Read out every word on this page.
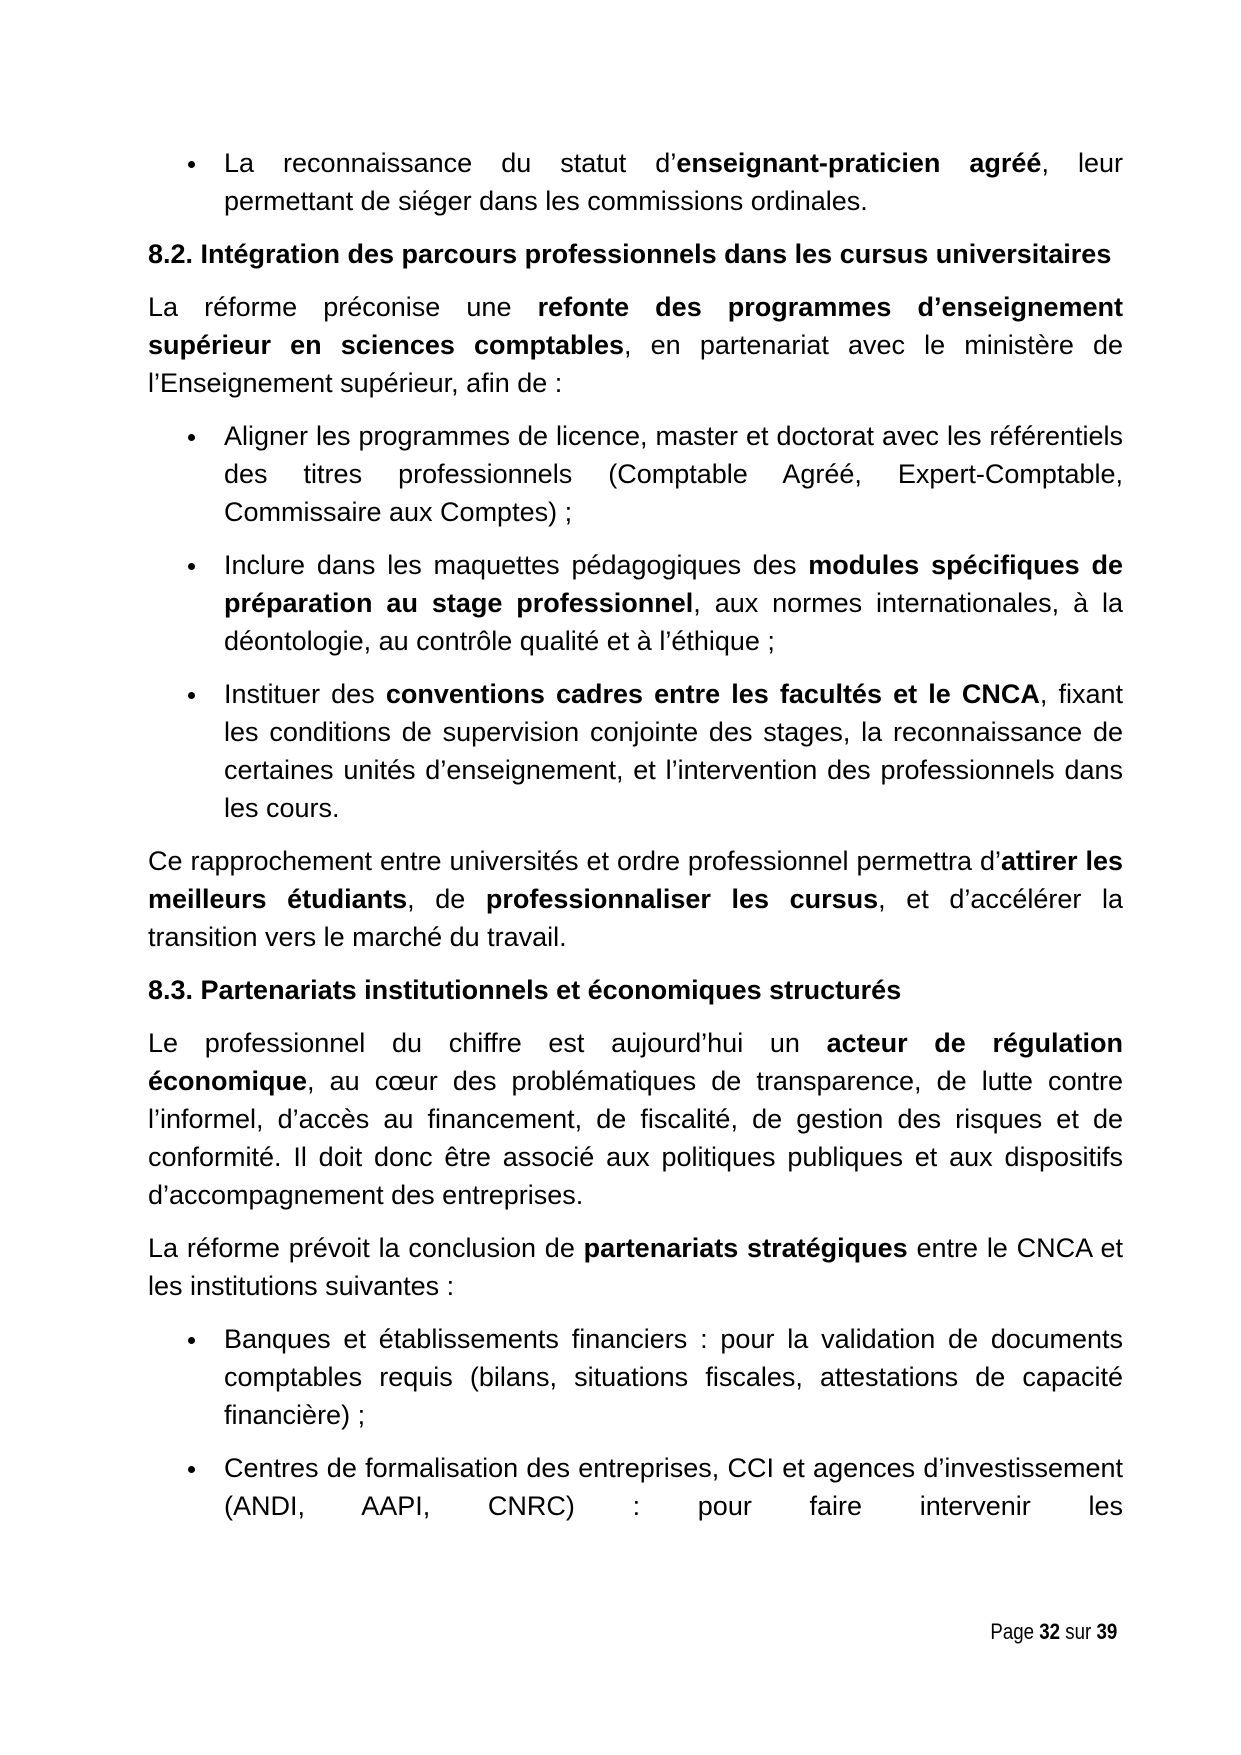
La reconnaissance du statut d’enseignant-praticien agréé, leur permettant de siéger dans les commissions ordinales.
8.2. Intégration des parcours professionnels dans les cursus universitaires

La réforme préconise une refonte des programmes d’enseignement supérieur en sciences comptables, en partenariat avec le ministère de l’Enseignement supérieur, afin de :

Aligner les programmes de licence, master et doctorat avec les référentiels des titres professionnels (Comptable Agréé, Expert-Comptable, Commissaire aux Comptes) ;
Inclure dans les maquettes pédagogiques des modules spécifiques de préparation au stage professionnel, aux normes internationales, à la déontologie, au contrôle qualité et à l’éthique ;
Instituer des conventions cadres entre les facultés et le CNCA, fixant les conditions de supervision conjointe des stages, la reconnaissance de certaines unités d’enseignement, et l’intervention des professionnels dans les cours.

Ce rapprochement entre universités et ordre professionnel permettra d’attirer les meilleurs étudiants, de professionnaliser les cursus, et d’accélérer la transition vers le marché du travail.

8.3. Partenariats institutionnels et économiques structurés

Le professionnel du chiffre est aujourd’hui un acteur de régulation économique, au cœur des problématiques de transparence, de lutte contre l’informel, d’accès au financement, de fiscalité, de gestion des risques et de conformité. Il doit donc être associé aux politiques publiques et aux dispositifs d’accompagnement des entreprises.

La réforme prévoit la conclusion de partenariats stratégiques entre le CNCA et les institutions suivantes :

Banques et établissements financiers : pour la validation de documents comptables requis (bilans, situations fiscales, attestations de capacité financière) ;
Centres de formalisation des entreprises, CCI et agences d’investissement (ANDI, AAPI, CNRC) : pour faire intervenir les
Page 32 sur 39
